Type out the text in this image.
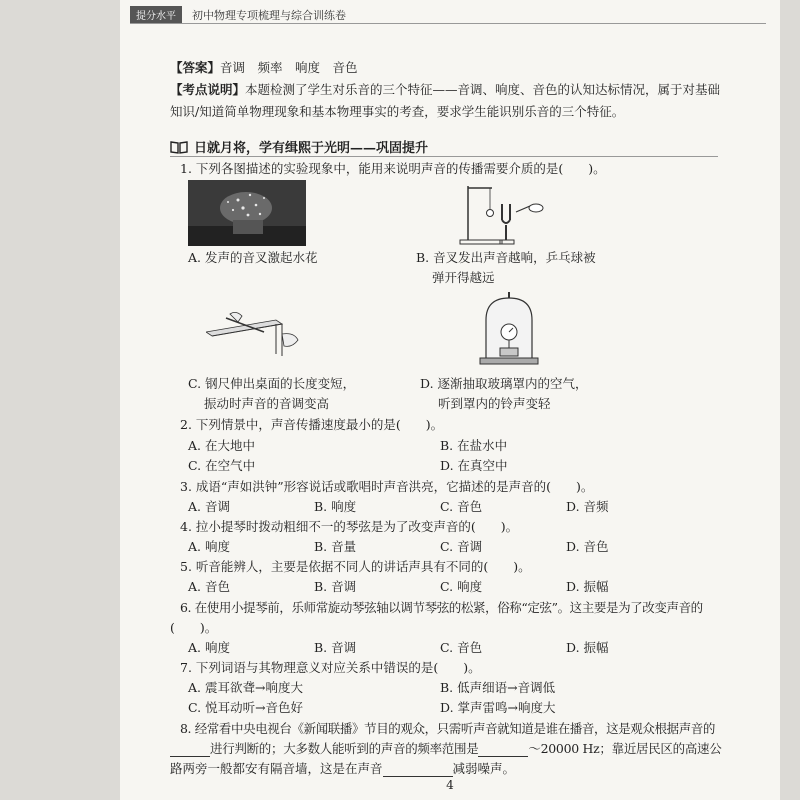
提分水平	初中物理专项梳理与综合训练卷
【答案】音调　频率　响度　音色
【考点说明】本题检测了学生对乐音的三个特征——音调、响度、音色的认知达标情况，属于对基础
知识/知道简单物理现象和基本物理事实的考查，要求学生能识别乐音的三个特征。
日就月将，学有缉熙于光明——巩固提升
1. 下列各图描述的实验现象中，能用来说明声音的传播需要介质的是(　　)。
A. 发声的音叉激起水花	B. 音叉发出声音越响，乒乓球被
弹开得越远
C. 钢尺伸出桌面的长度变短，
振动时声音的音调变高
D. 逐渐抽取玻璃罩内的空气，
听到罩内的铃声变轻
2. 下列情景中，声音传播速度最小的是(　　)。
A. 在大地中	B. 在盐水中
C. 在空气中	D. 在真空中
3. 成语“声如洪钟”形容说话或歌唱时声音洪亮，它描述的是声音的(　　)。
A. 音调	B. 响度	C. 音色	D. 音频
4. 拉小提琴时拨动粗细不一的琴弦是为了改变声音的(　　)。
A. 响度	B. 音量	C. 音调	D. 音色
5. 听音能辨人，主要是依据不同人的讲话声具有不同的(　　)。
A. 音色	B. 音调	C. 响度	D. 振幅
6. 在使用小提琴前，乐师常旋动琴弦轴以调节琴弦的松紧，俗称“定弦”。这主要是为了改变声音的
(　　)。
A. 响度	B. 音调	C. 音色	D. 振幅
7. 下列词语与其物理意义对应关系中错误的是(　　)。
A. 震耳欲聋→响度大	B. 低声细语→音调低
C. 悦耳动听→音色好	D. 掌声雷鸣→响度大
8. 经常看中央电视台《新闻联播》节目的观众，只需听声音就知道是谁在播音，这是观众根据声音的
进行判断的；大多数人能听到的声音的频率范围是	～20000 Hz；靠近居民区的高速公
路两旁一般都安有隔音墙，这是在声音	减弱噪声。
4
